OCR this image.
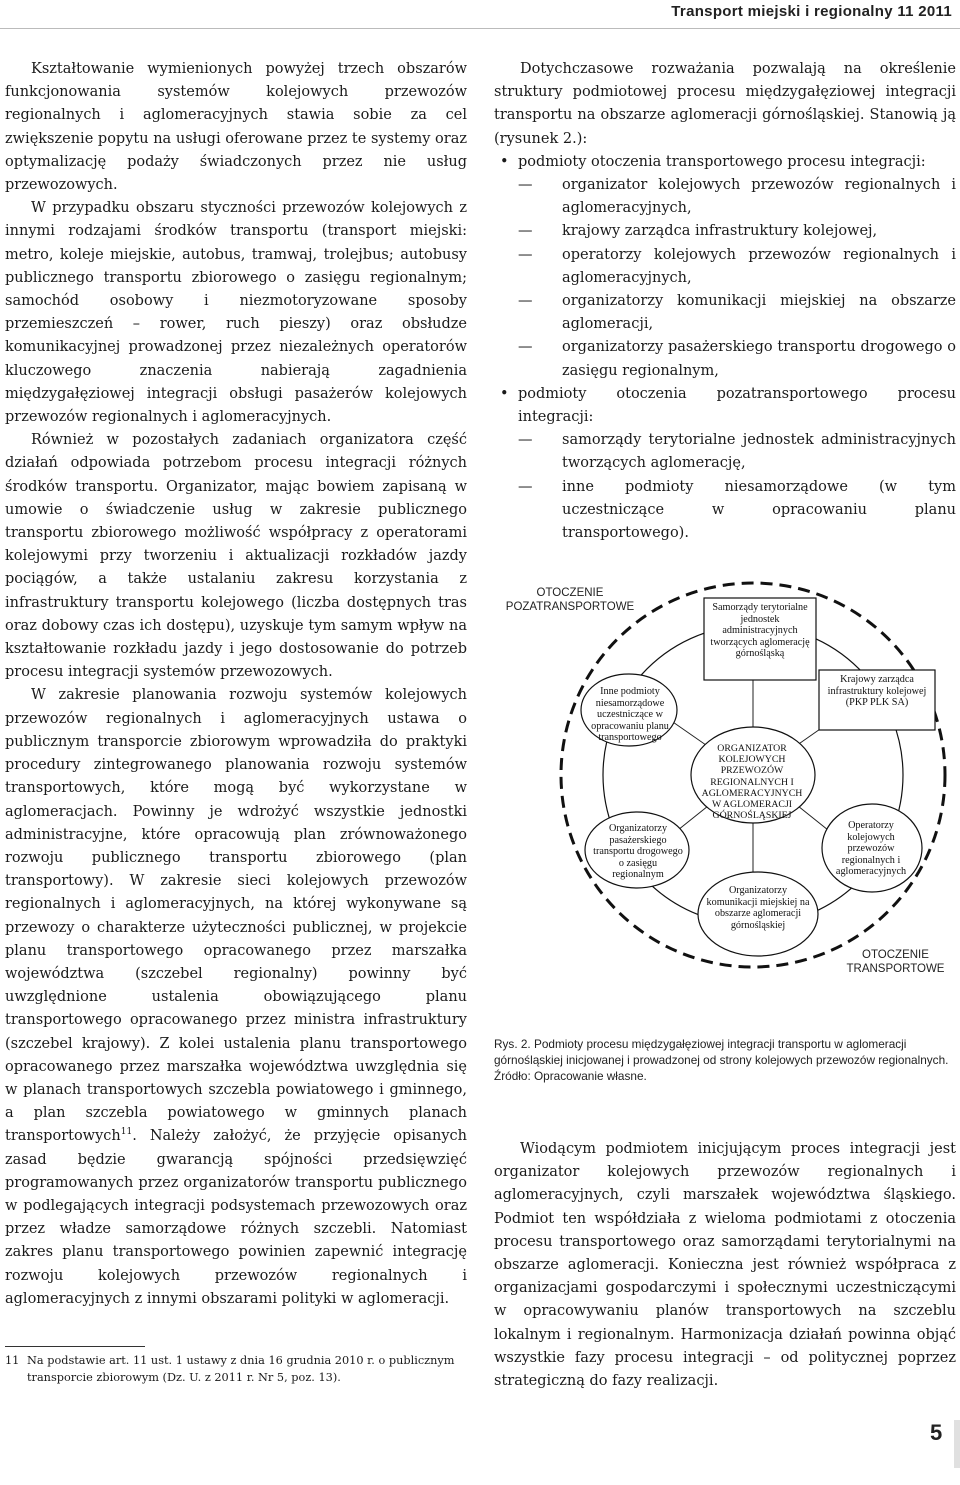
Transport miejski i regionalny 11 2011

Kształtowanie wymienionych powyżej trzech obszarów funkcjonowania systemów kolejowych przewozów regionalnych i aglomeracyjnych stawia sobie za cel zwiększenie popytu na usługi oferowane przez te systemy oraz optymalizację podaży świadczonych przez nie usług przewozowych.

W przypadku obszaru styczności przewozów kolejowych z innymi rodzajami środków transportu (transport miejski: metro, koleje miejskie, autobus, tramwaj, trolejbus; autobusy publicznego transportu zbiorowego o zasięgu regionalnym; samochód osobowy i niezmotoryzowane sposoby przemieszczeń – rower, ruch pieszy) oraz obsłudze komunikacyjnej prowadzonej przez niezależnych operatorów kluczowego znaczenia nabierają zagadnienia międzygałęziowej integracji obsługi pasażerów kolejowych przewozów regionalnych i aglomeracyjnych.

Również w pozostałych zadaniach organizatora część działań odpowiada potrzebom procesu integracji różnych środków transportu. Organizator, mając bowiem zapisaną w umowie o świadczenie usług w zakresie publicznego transportu zbiorowego możliwość współpracy z operatorami kolejowymi przy tworzeniu i aktualizacji rozkładów jazdy pociągów, a także ustalaniu zakresu korzystania z infrastruktury transportu kolejowego (liczba dostępnych tras oraz dobowy czas ich dostępu), uzyskuje tym samym wpływ na kształtowanie rozkładu jazdy i jego dostosowanie do potrzeb procesu integracji systemów przewozowych.

W zakresie planowania rozwoju systemów kolejowych przewozów regionalnych i aglomeracyjnych ustawa o publicznym transporcie zbiorowym wprowadziła do praktyki procedury zintegrowanego planowania rozwoju systemów transportowych, które mogą być wykorzystane w aglomeracjach. Powinny je wdrożyć wszystkie jednostki administracyjne, które opracowują plan zrównoważonego rozwoju publicznego transportu zbiorowego (plan transportowy). W zakresie sieci kolejowych przewozów regionalnych i aglomeracyjnych, na której wykonywane są przewozy o charakterze użyteczności publicznej, w projekcie planu transportowego opracowanego przez marszałka województwa (szczebel regionalny) powinny być uwzględnione ustalenia obowiązującego planu transportowego opracowanego przez ministra infrastruktury (szczebel krajowy). Z kolei ustalenia planu transportowego opracowanego przez marszałka województwa uwzględnia się w planach transportowych szczebla powiatowego i gminnego, a plan szczebla powiatowego w gminnych planach transportowych$^{11}$. Należy założyć, że przyjęcie opisanych zasad będzie gwarancją spójności przedsięwzięć programowanych przez organizatorów transportu publicznego w podlegających integracji podsystemach przewozowych oraz przez władze samorządowe różnych szczebli. Natomiast zakres planu transportowego powinien zapewnić integrację rozwoju kolejowych przewozów regionalnych i aglomeracyjnych z innymi obszarami polityki w aglomeracji.

11 Na podstawie art. 11 ust. 1 ustawy z dnia 16 grudnia 2010 r. o publicznym transporcie zbiorowym (Dz. U. z 2011 r. Nr 5, poz. 13).

Dotychczasowe rozważania pozwalają na określenie struktury podmiotowej procesu międzygałęziowej integracji transportu na obszarze aglomeracji górnośląskiej. Stanowią ją (rysunek 2.):

• podmioty otoczenia transportowego procesu integracji:
— organizator kolejowych przewozów regionalnych i aglomeracyjnych,
— krajowy zarządca infrastruktury kolejowej,
— operatorzy kolejowych przewozów regionalnych i aglomeracyjnych,
— organizatorzy komunikacji miejskiej na obszarze aglomeracji,
— organizatorzy pasażerskiego transportu drogowego o zasięgu regionalnym,
• podmioty otoczenia pozatransportowego procesu integracji:
— samorządy terytorialne jednostek administracyjnych tworzących aglomerację,
— inne podmioty niesamorządowe (w tym uczestniczące w opracowaniu planu transportowego).
OTOCZENIE POZATRANSPORTOWE
OTOCZENIE TRANSPORTOWE
Samorządy terytorialne jednostek administracyjnych tworzących aglomerację górnośląską
ORGANIZATOR KOLEJOWYCH PRZEWOZÓW REGIONALNYCH I AGLOMERACYJNYCH W AGLOMERACJI GÓRNOŚLĄSKIEJ
Inne podmioty niesamorządowe uczestniczące w opracowaniu planu transportowego
Krajowy zarządca infrastruktury kolejowej (PKP PLK SA)
Organizatorzy pasażerskiego transportu drogowego o zasięgu regionalnym
Operatorzy kolejowych przewozów regionalnych i aglomeracyjnych
Organizatorzy komunikacji miejskiej na obszarze aglomeracji górnośląskiej
Rys. 2. Podmioty procesu międzygałęziowej integracji transportu w aglomeracji górnośląskiej inicjowanej i prowadzonej od strony kolejowych przewozów regionalnych.
Źródło: Opracowanie własne.

Wiodącym podmiotem inicjującym proces integracji jest organizator kolejowych przewozów regionalnych i aglomeracyjnych, czyli marszałek województwa śląskiego. Podmiot ten współdziała z wieloma podmiotami z otoczenia procesu transportowego oraz samorządami terytorialnymi na obszarze aglomeracji. Konieczna jest również współpraca z organizacjami gospodarczymi i społecznymi uczestniczącymi w opracowywaniu planów transportowych na szczeblu lokalnym i regionalnym. Harmonizacja działań powinna objąć wszystkie fazy procesu integracji – od politycznej poprzez strategiczną do fazy realizacji.

5
